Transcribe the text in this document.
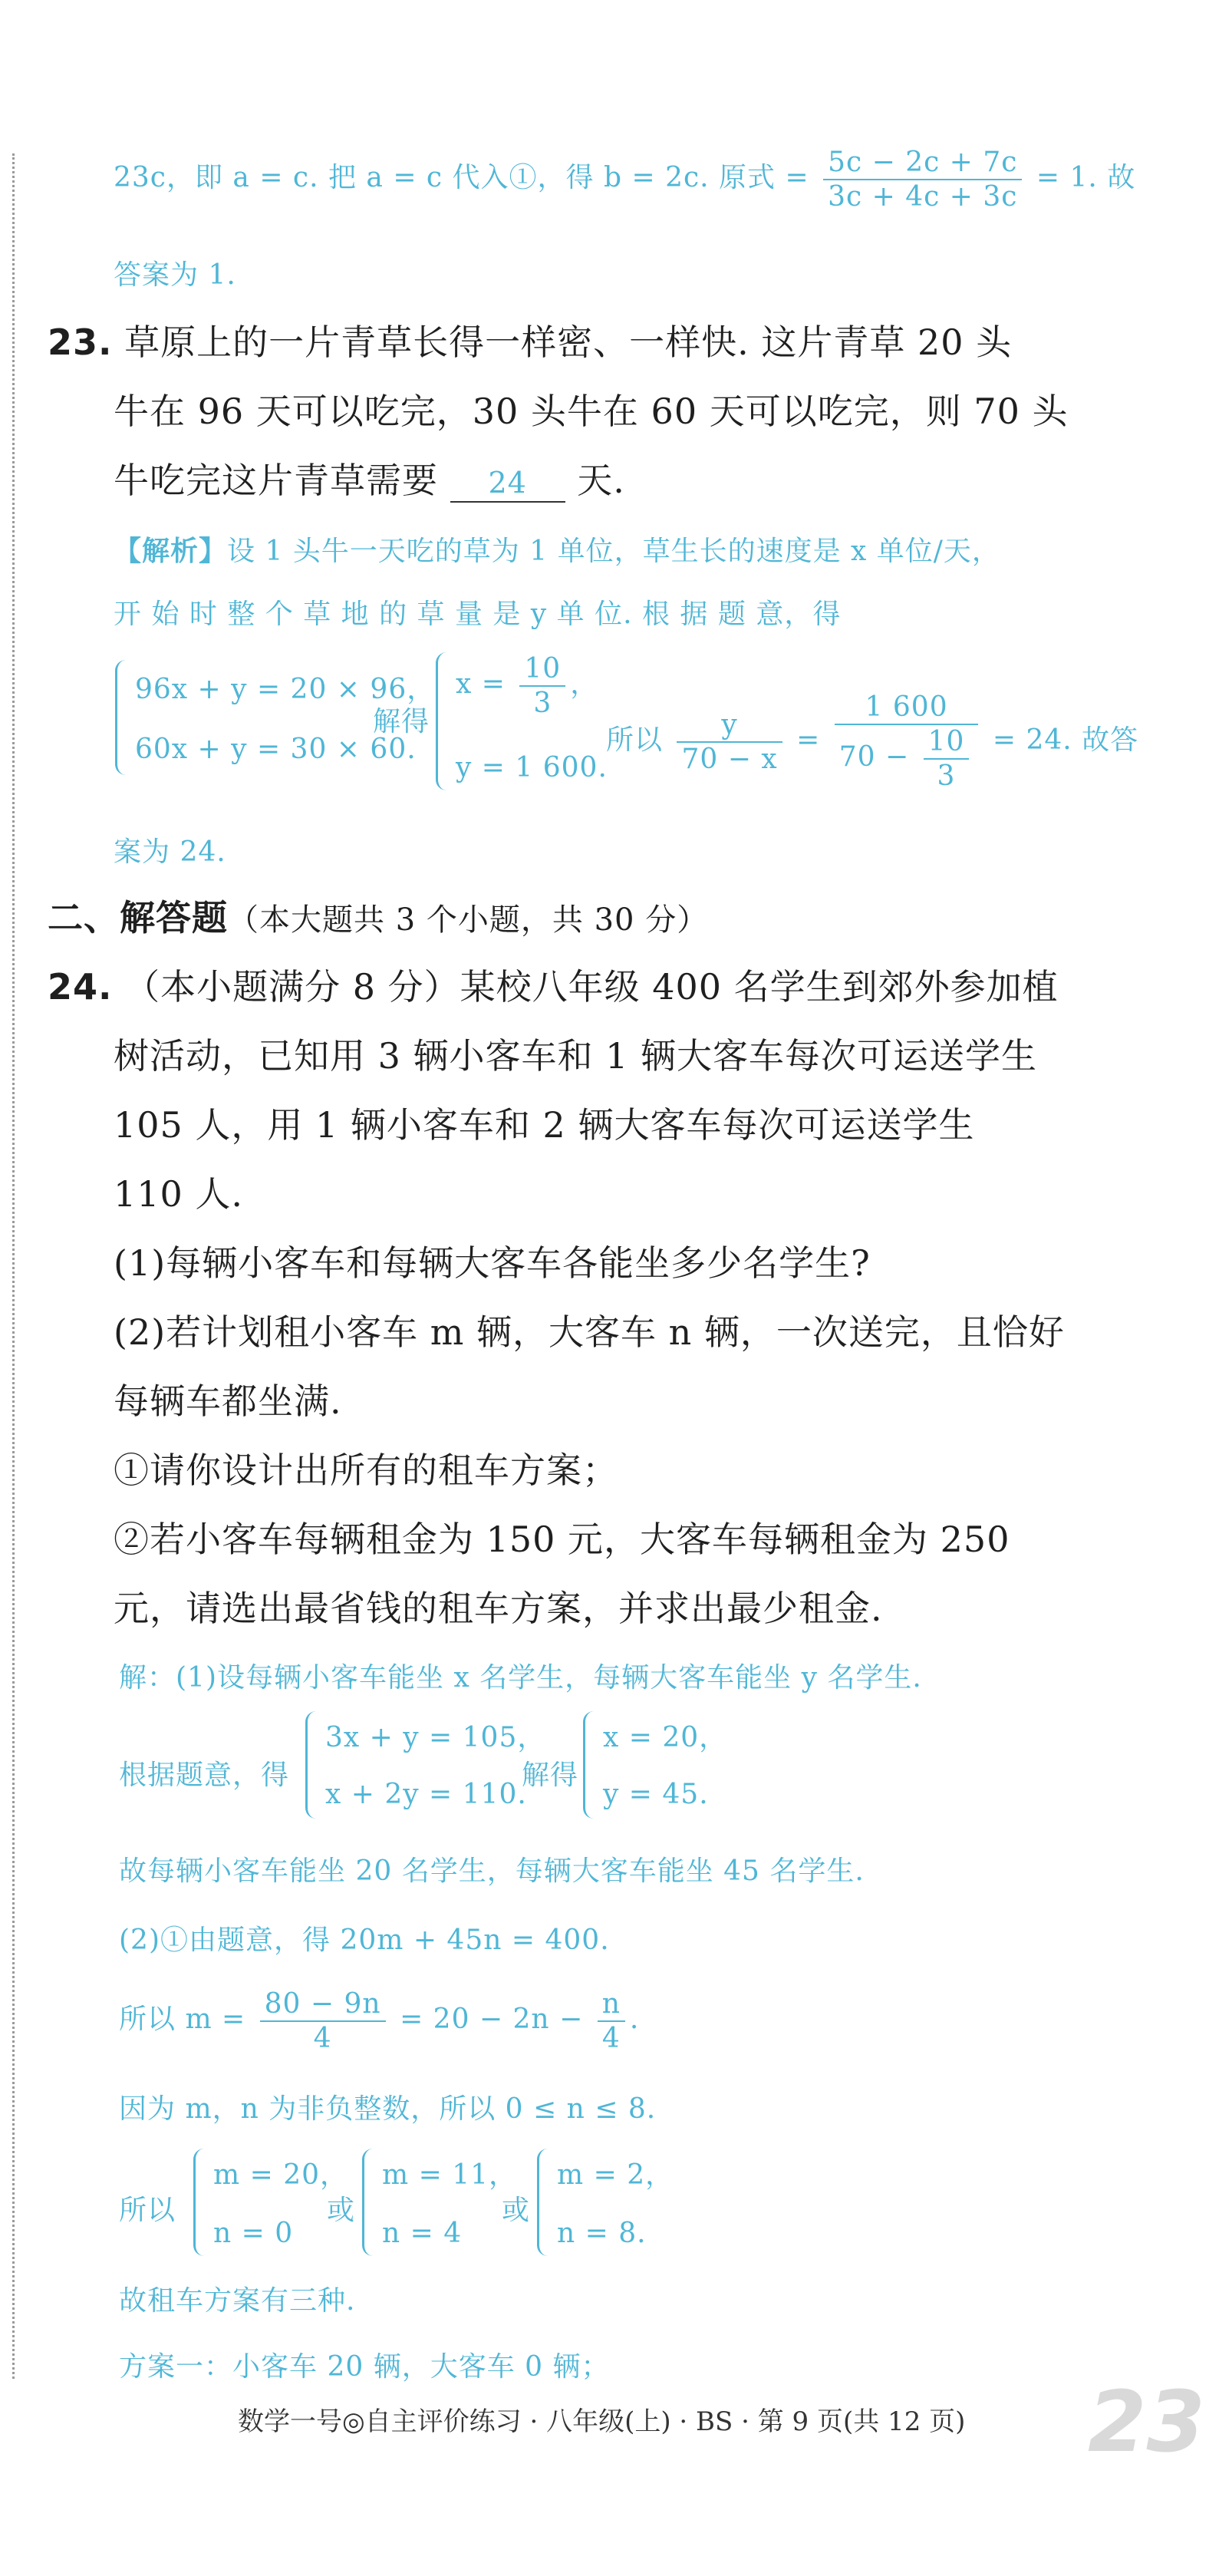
23c，即 a = c. 把 a = c 代入①，得 b = 2c. 原式 = $\frac{5c - 2c + 7c}{3c + 4c + 3c} = 1$. 故
答案为 1.
23. 草原上的一片青草长得一样密、一样快. 这片青草 20 头
牛在 96 天可以吃完，30 头牛在 60 天可以吃完，则 70 头
牛吃完这片青草需要 24 天.
【解析】设 1 头牛一天吃的草为 1 单位，草生长的速度是 x 单位/天，
开 始 时 整 个 草 地 的 草 量 是 y 单 位. 根 据 题 意，得
96x + y = 20 × 96，
60x + y = 30 × 60.
解得
$x = \frac{10}{3}$ ，
y = 1 600.
所以 $\frac{y}{70 - x} = \frac{1 600}{70 - \frac{10}{3}} = 24$. 故答
案为 24.
二、解答题（本大题共 3 个小题，共 30 分）
24. （本小题满分 8 分）某校八年级 400 名学生到郊外参加植
树活动，已知用 3 辆小客车和 1 辆大客车每次可运送学生
105 人，用 1 辆小客车和 2 辆大客车每次可运送学生
110 人.
(1)每辆小客车和每辆大客车各能坐多少名学生?
(2)若计划租小客车 m 辆，大客车 n 辆，一次送完，且恰好
每辆车都坐满.
①请你设计出所有的租车方案；
②若小客车每辆租金为 150 元，大客车每辆租金为 250
元，请选出最省钱的租车方案，并求出最少租金.
解：(1)设每辆小客车能坐 x 名学生，每辆大客车能坐 y 名学生.
根据题意，得
3x + y = 105，
x + 2y = 110.
解得
x = 20，
y = 45.
故每辆小客车能坐 20 名学生，每辆大客车能坐 45 名学生.
(2)①由题意，得 20m + 45n = 400.
所以 $m = \frac{80 - 9n}{4} = 20 - 2n - \frac{n}{4}$ .
因为 m，n 为非负整数，所以 0 ≤ n ≤ 8.
所以
m = 20，
n = 0
或
m = 11，
n = 4
或
m = 2，
n = 8.
故租车方案有三种.
方案一：小客车 20 辆，大客车 0 辆；
数学一号◎自主评价练习 · 八年级(上) · BS · 第 9 页(共 12 页) 23
